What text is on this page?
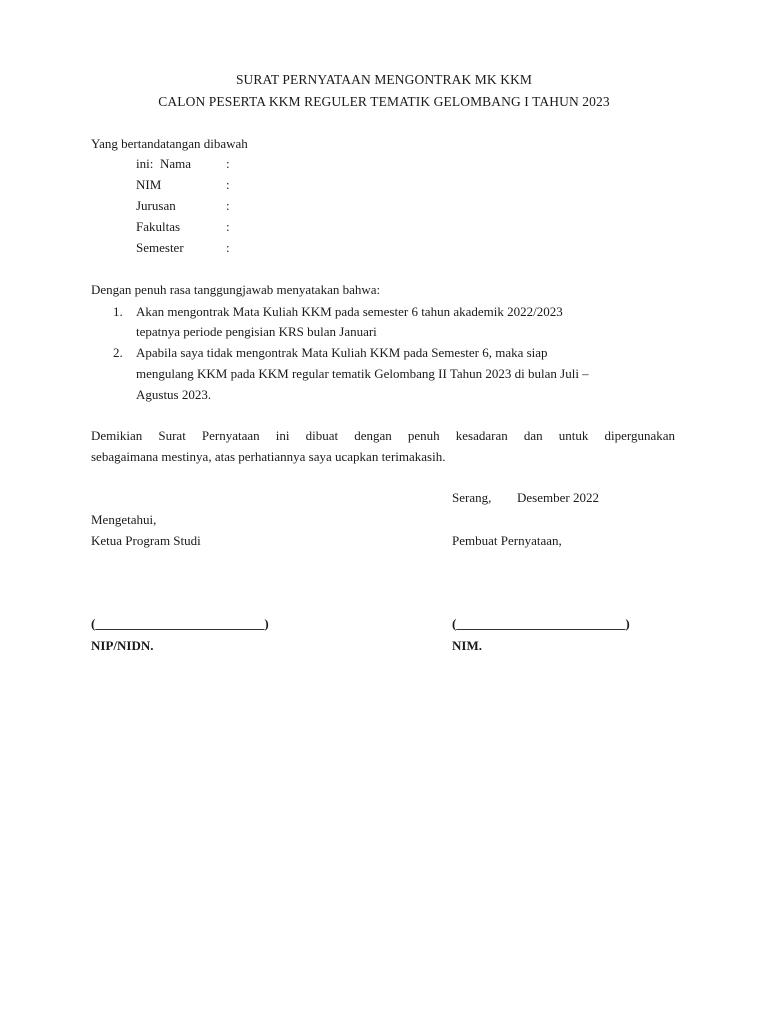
SURAT PERNYATAAN MENGONTRAK MK KKM
CALON PESERTA KKM REGULER TEMATIK GELOMBANG I TAHUN 2023
Yang bertandatangan dibawah
ini: Nama	:
NIM	:
Jurusan	:
Fakultas	:
Semester	:
Dengan penuh rasa tanggungjawab menyatakan bahwa:
1. Akan mengontrak Mata Kuliah KKM pada semester 6 tahun akademik 2022/2023
tepatnya periode pengisian KRS bulan Januari
2. Apabila saya tidak mengontrak Mata Kuliah KKM pada Semester 6, maka siap
mengulang KKM pada KKM regular tematik Gelombang II Tahun 2023 di bulan Juli –
Agustus 2023.
Demikian Surat Pernyataan ini dibuat dengan penuh kesadaran dan untuk dipergunakan
sebagaimana mestinya, atas perhatiannya saya ucapkan terimakasih.
Serang, Desember 2022
Mengetahui,
Ketua Program Studi	Pembuat Pernyataan,
(__________________________)	(__________________________)
NIP/NIDN.	NIM.
